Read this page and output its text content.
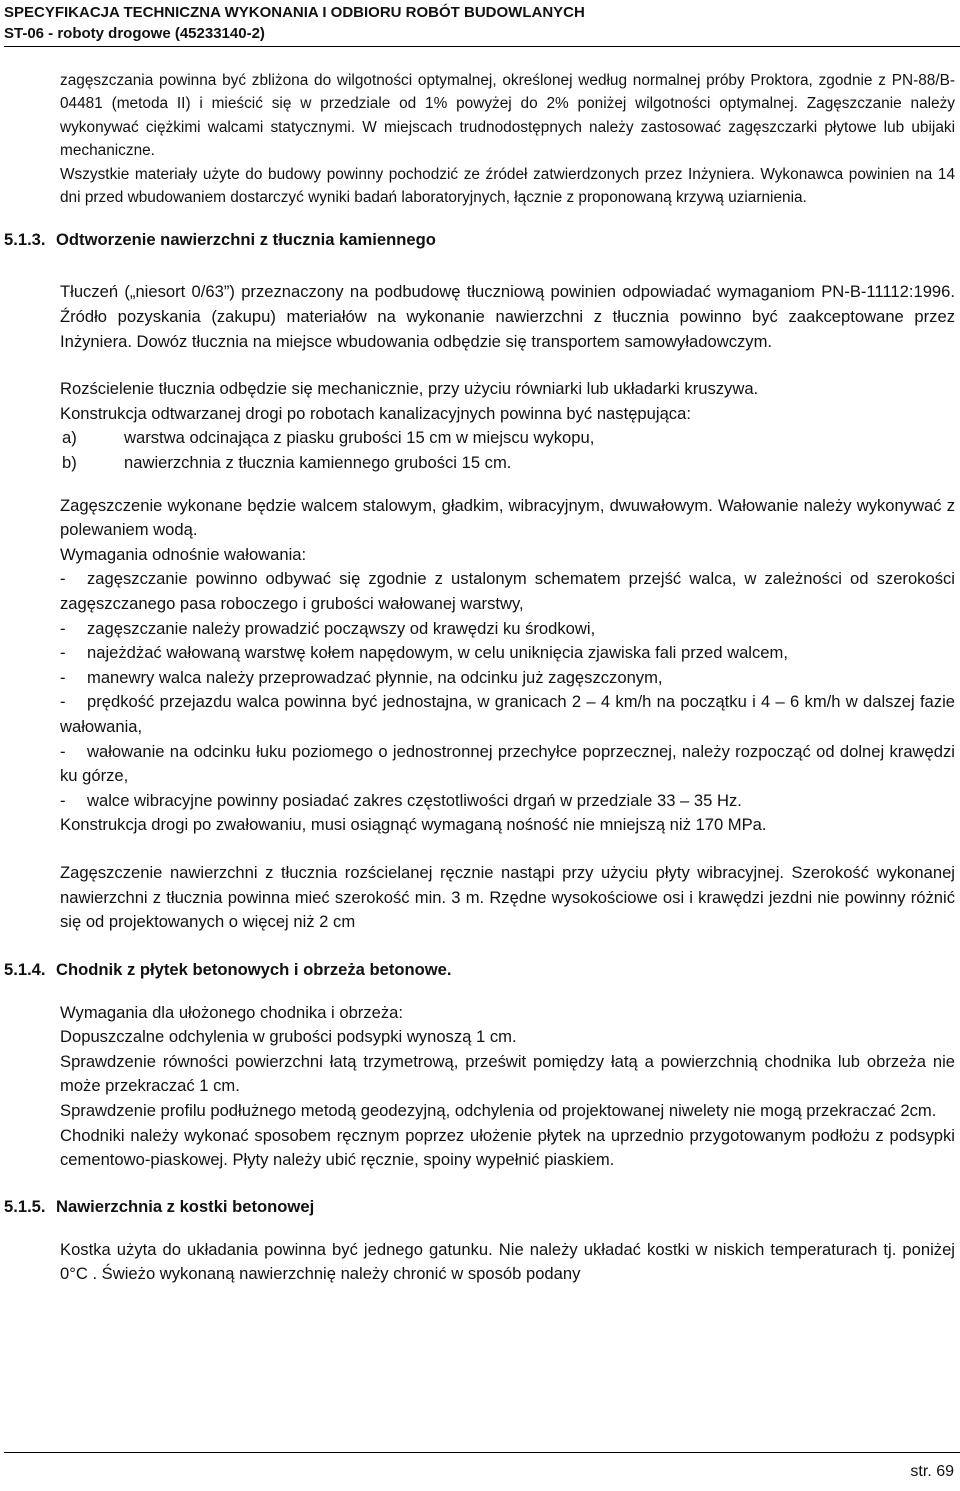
SPECYFIKACJA TECHNICZNA WYKONANIA I ODBIORU ROBÓT BUDOWLANYCH
ST-06 - roboty drogowe (45233140-2)

zagęszczania powinna być zbliżona do wilgotności optymalnej, określonej według normalnej próby Proktora, zgodnie z PN-88/B-04481 (metoda II) i mieścić się w przedziale od 1% powyżej do 2% poniżej wilgotności optymalnej. Zagęszczanie należy wykonywać ciężkimi walcami statycznymi. W miejscach trudnodostępnych należy zastosować zagęszczarki płytowe lub ubijaki mechaniczne.

Wszystkie materiały użyte do budowy powinny pochodzić ze źródeł zatwierdzonych przez Inżyniera. Wykonawca powinien na 14 dni przed wbudowaniem dostarczyć wyniki badań laboratoryjnych, łącznie z proponowaną krzywą uziarnienia.

5.1.3. Odtworzenie nawierzchni z tłucznia kamiennego

Tłuczeń („niesort 0/63”) przeznaczony na podbudowę tłuczniową powinien odpowiadać wymaganiom PN-B-11112:1996. Źródło pozyskania (zakupu) materiałów na wykonanie nawierzchni z tłucznia powinno być zaakceptowane przez Inżyniera. Dowóz tłucznia na miejsce wbudowania odbędzie się transportem samowyładowczym.

Rozścielenie tłucznia odbędzie się mechanicznie, przy użyciu równiarki lub układarki kruszywa.

Konstrukcja odtwarzanej drogi po robotach kanalizacyjnych powinna być następująca:

a)	warstwa odcinająca z piasku grubości 15 cm w miejscu wykopu,
b)	nawierzchnia z tłucznia kamiennego grubości 15 cm.

Zagęszczenie wykonane będzie walcem stalowym, gładkim, wibracyjnym, dwuwałowym. Wałowanie należy wykonywać z polewaniem wodą.

Wymagania odnośnie wałowania:

- zagęszczanie powinno odbywać się zgodnie z ustalonym schematem przejść walca, w zależności od szerokości zagęszczanego pasa roboczego i grubości wałowanej warstwy,

- zagęszczanie należy prowadzić począwszy od krawędzi ku środkowi,

- najeżdżać wałowaną warstwę kołem napędowym, w celu uniknięcia zjawiska fali przed walcem,

- manewry walca należy przeprowadzać płynnie, na odcinku już zagęszczonym,

- prędkość przejazdu walca powinna być jednostajna, w granicach 2 – 4 km/h na początku i 4 – 6 km/h w dalszej fazie wałowania,

- wałowanie na odcinku łuku poziomego o jednostronnej przechyłce poprzecznej, należy rozpocząć od dolnej krawędzi ku górze,

- walce wibracyjne powinny posiadać zakres częstotliwości drgań w przedziale 33 – 35 Hz.

Konstrukcja drogi po zwałowaniu, musi osiągnąć wymaganą nośność nie mniejszą niż 170 MPa.

Zagęszczenie nawierzchni z tłucznia rozścielanej ręcznie nastąpi przy użyciu płyty wibracyjnej. Szerokość wykonanej nawierzchni z tłucznia powinna mieć szerokość min. 3 m. Rzędne wysokościowe osi i krawędzi jezdni nie powinny różnić się od projektowanych o więcej niż 2 cm

5.1.4. Chodnik z płytek betonowych i obrzeża betonowe.

Wymagania dla ułożonego chodnika i obrzeża:

Dopuszczalne odchylenia w grubości podsypki wynoszą 1 cm.

Sprawdzenie równości powierzchni łatą trzymetrową, prześwit pomiędzy łatą a powierzchnią chodnika lub obrzeża nie może przekraczać 1 cm.

Sprawdzenie profilu podłużnego metodą geodezyjną, odchylenia od projektowanej niwelety nie mogą przekraczać 2cm.

Chodniki należy wykonać sposobem ręcznym poprzez ułożenie płytek na uprzednio przygotowanym podłożu z podsypki cementowo-piaskowej. Płyty należy ubić ręcznie, spoiny wypełnić piaskiem.

5.1.5. Nawierzchnia z kostki betonowej

Kostka użyta do układania powinna być jednego gatunku. Nie należy układać kostki w niskich temperaturach tj. poniżej 0°C . Świeżo wykonaną nawierzchnię należy chronić w sposób podany

str. 69
